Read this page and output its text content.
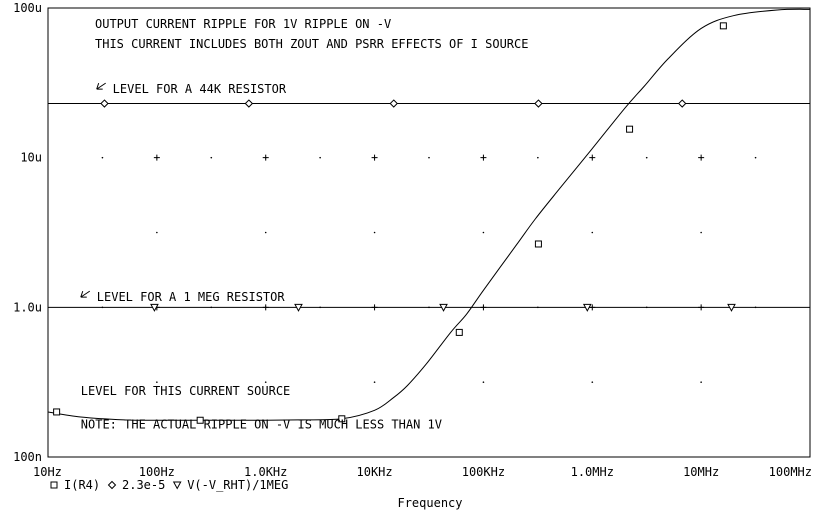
10Hz	100Hz	1.0KHz	10KHz	100KHz	1.0MHz	10MHz	100MHz
100n
1.0u
10u
100u
OUTPUT CURRENT RIPPLE FOR 1V RIPPLE ON -V
THIS CURRENT INCLUDES BOTH ZOUT AND PSRR EFFECTS OF I SOURCE
LEVEL FOR A 44K RESISTOR
LEVEL FOR A 1 MEG RESISTOR
LEVEL FOR THIS CURRENT SOURCE
NOTE: THE ACTUAL RIPPLE ON -V IS MUCH LESS THAN 1V
I(R4) 2.3e-5 V(-V_RHT)/1MEG
Frequency
